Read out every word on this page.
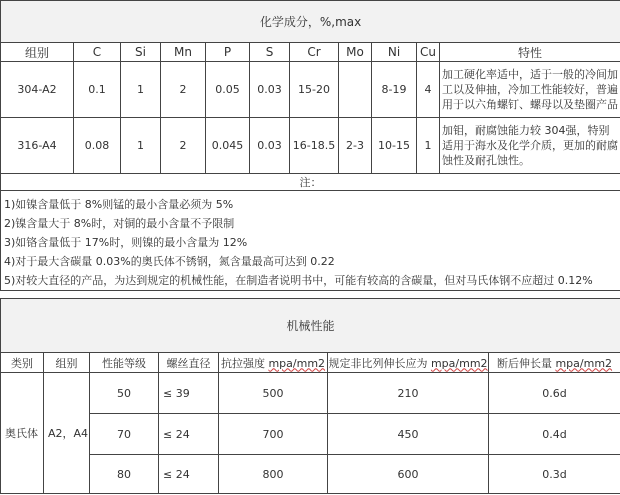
化学成分，%,max										
组别	C	Si	Mn	P	S	Cr	Mo	Ni	Cu	特性
304-A2	0.1	1	2	0.05	0.03	15-20		8-19	4	加工硬化率适中，适于一般的冷间加工以及伸抽，冷加工性能较好，普遍用于以六角螺钉、螺母以及垫圈产品
316-A4	0.08	1	2	0.045	0.03	16-18.5	2-3	10-15	1	加钼，耐腐蚀能力较 304强，特别适用于海水及化学介质，更加的耐腐蚀性及耐孔蚀性。
注：										

1)如镍含量低于 8%则锰的最小含量必须为 5%
2)镍含量大于 8%时，对铜的最小含量不予限制
3)如铬含量低于 17%时，则镍的最小含量为 12%
4)对于最大含碳量 0.03%的奥氏体不锈钢，氮含量最高可达到 0.22
5)对较大直径的产品，为达到规定的机械性能，在制造者说明书中，可能有较高的含碳量，但对马氏体钢不应超过 0.12%										
机械性能						
类别	组别	性能等级	螺丝直径	抗拉强度 mpa/mm2	规定非比列伸长应为 mpa/mm2	断后伸长量 mpa/mm2
奥氏体	A2，A4	50	≤ 39	500	210	0.6d
		70	≤ 24	700	450	0.4d
		80	≤ 24	800	600	0.3d
